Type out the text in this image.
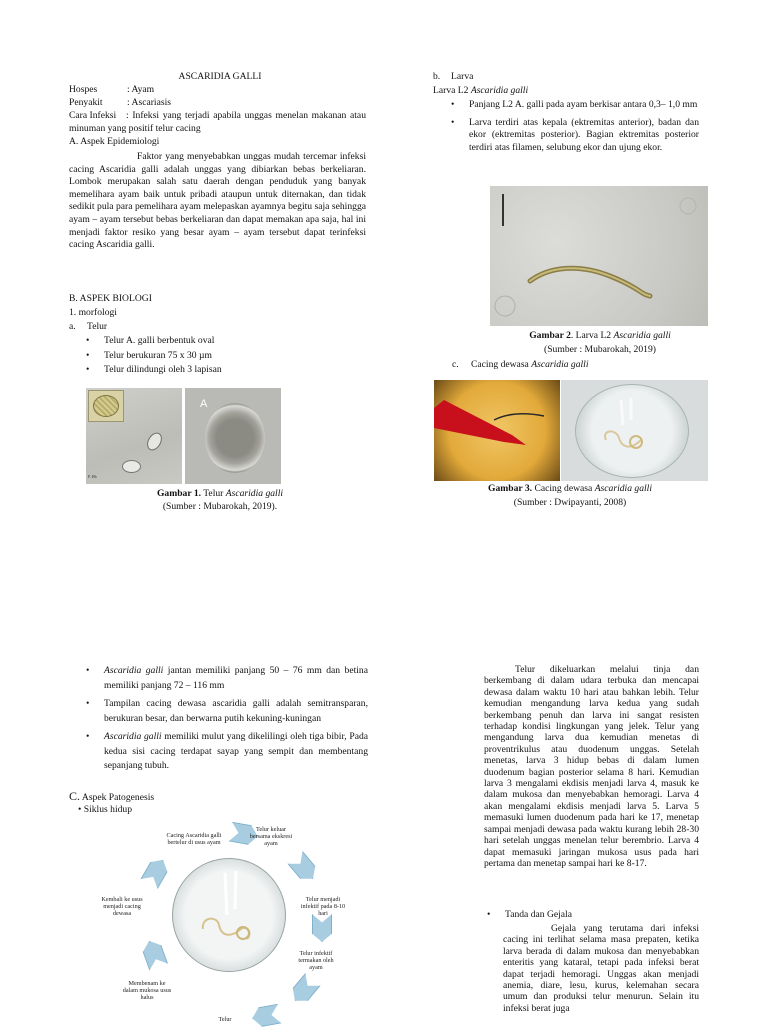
ASCARIDIA GALLI
Hospes	: Ayam
Penyakit	: Ascariasis
Cara Infeksi	: Infeksi yang terjadi apabila unggas menelan makanan atau minuman yang positif telur cacing
A. Aspek Epidemiologi
Faktor yang menyebabkan unggas mudah tercemar infeksi cacing Ascaridia galli adalah unggas yang dibiarkan bebas berkeliaran. Lombok merupakan salah satu daerah dengan penduduk yang banyak memelihara ayam baik untuk pribadi ataupun untuk diternakan, dan tidak sedikit pula para pemelihara ayam melepaskan ayamnya begitu saja sehingga ayam – ayam tersebut bebas berkeliaran dan dapat memakan apa saja, hal ini menjadi faktor resiko yang besar ayam – ayam tersebut dapat terinfeksi cacing Ascaridia galli.
B. ASPEK BIOLOGI
1. morfologi
a. Telur
• Telur A. galli berbentuk oval
• Telur berukuran 75 x 30 µm
• Telur dilindungi oleh 3 lapisan
P. Hb
A
Gambar 1. Telur Ascaridia galli
(Sumber : Mubarokah, 2019).
b. Larva
Larva L2 Ascaridia galli
• Panjang L2 A. galli pada ayam berkisar antara 0,3– 1,0 mm
• Larva terdiri atas kepala (ektremitas anterior), badan dan ekor (ektremitas posterior). Bagian ektremitas posterior terdiri atas filamen, selubung ekor dan ujung ekor.
Gambar 2. Larva L2 Ascaridia galli
(Sumber : Mubarokah, 2019)
c. Cacing dewasa Ascaridia galli
Gambar 3. Cacing dewasa Ascaridia galli
(Sumber : Dwipayanti, 2008)
• Ascaridia galli jantan memiliki panjang 50 – 76 mm dan betina memiliki panjang 72 – 116 mm
• Tampilan cacing dewasa ascaridia galli adalah semitransparan, berukuran besar, dan berwarna putih kekuning-kuningan
• Ascaridia galli memiliki mulut yang dikelilingi oleh tiga bibir, Pada kedua sisi cacing terdapat sayap yang sempit dan membentang sepanjang tubuh.
C. Aspek Patogenesis
• Siklus hidup
Cacing Ascaridia galli bertelur di usus ayam
Telur keluar bersama ekskresi ayam
Telur menjadi infektif pada 8-10 hari
Telur infektif termakan oleh ayam
Telur
Membenam ke dalam mukosa usus halus
Kembali ke usus menjadi cacing dewasa
Telur dikeluarkan melalui tinja dan berkembang di dalam udara terbuka dan mencapai dewasa dalam waktu 10 hari atau bahkan lebih. Telur kemudian mengandung larva kedua yang sudah berkembang penuh dan larva ini sangat resisten terhadap kondisi lingkungan yang jelek. Telur yang mengandung larva dua kemudian menetas di proventrikulus atau duodenum unggas. Setelah menetas, larva 3 hidup bebas di dalam lumen duodenum bagian posterior selama 8 hari. Kemudian larva 3 mengalami ekdisis menjadi larva 4, masuk ke dalam mukosa dan menyebabkan hemoragi. Larva 4 akan mengalami ekdisis menjadi larva 5. Larva 5 memasuki lumen duodenum pada hari ke 17, menetap sampai menjadi dewasa pada waktu kurang lebih 28-30 hari setelah unggas menelan telur berembrio. Larva 4 dapat memasuki jaringan mukosa usus pada hari pertama dan menetap sampai hari ke 8-17.
• Tanda dan Gejala
Gejala yang terutama dari infeksi cacing ini terlihat selama masa prepaten, ketika larva berada di dalam mukosa dan menyebabkan enteritis yang kataral, tetapi pada infeksi berat dapat terjadi hemoragi. Unggas akan menjadi anemia, diare, lesu, kurus, kelemahan secara umum dan produksi telur menurun. Selain itu infeksi berat juga
